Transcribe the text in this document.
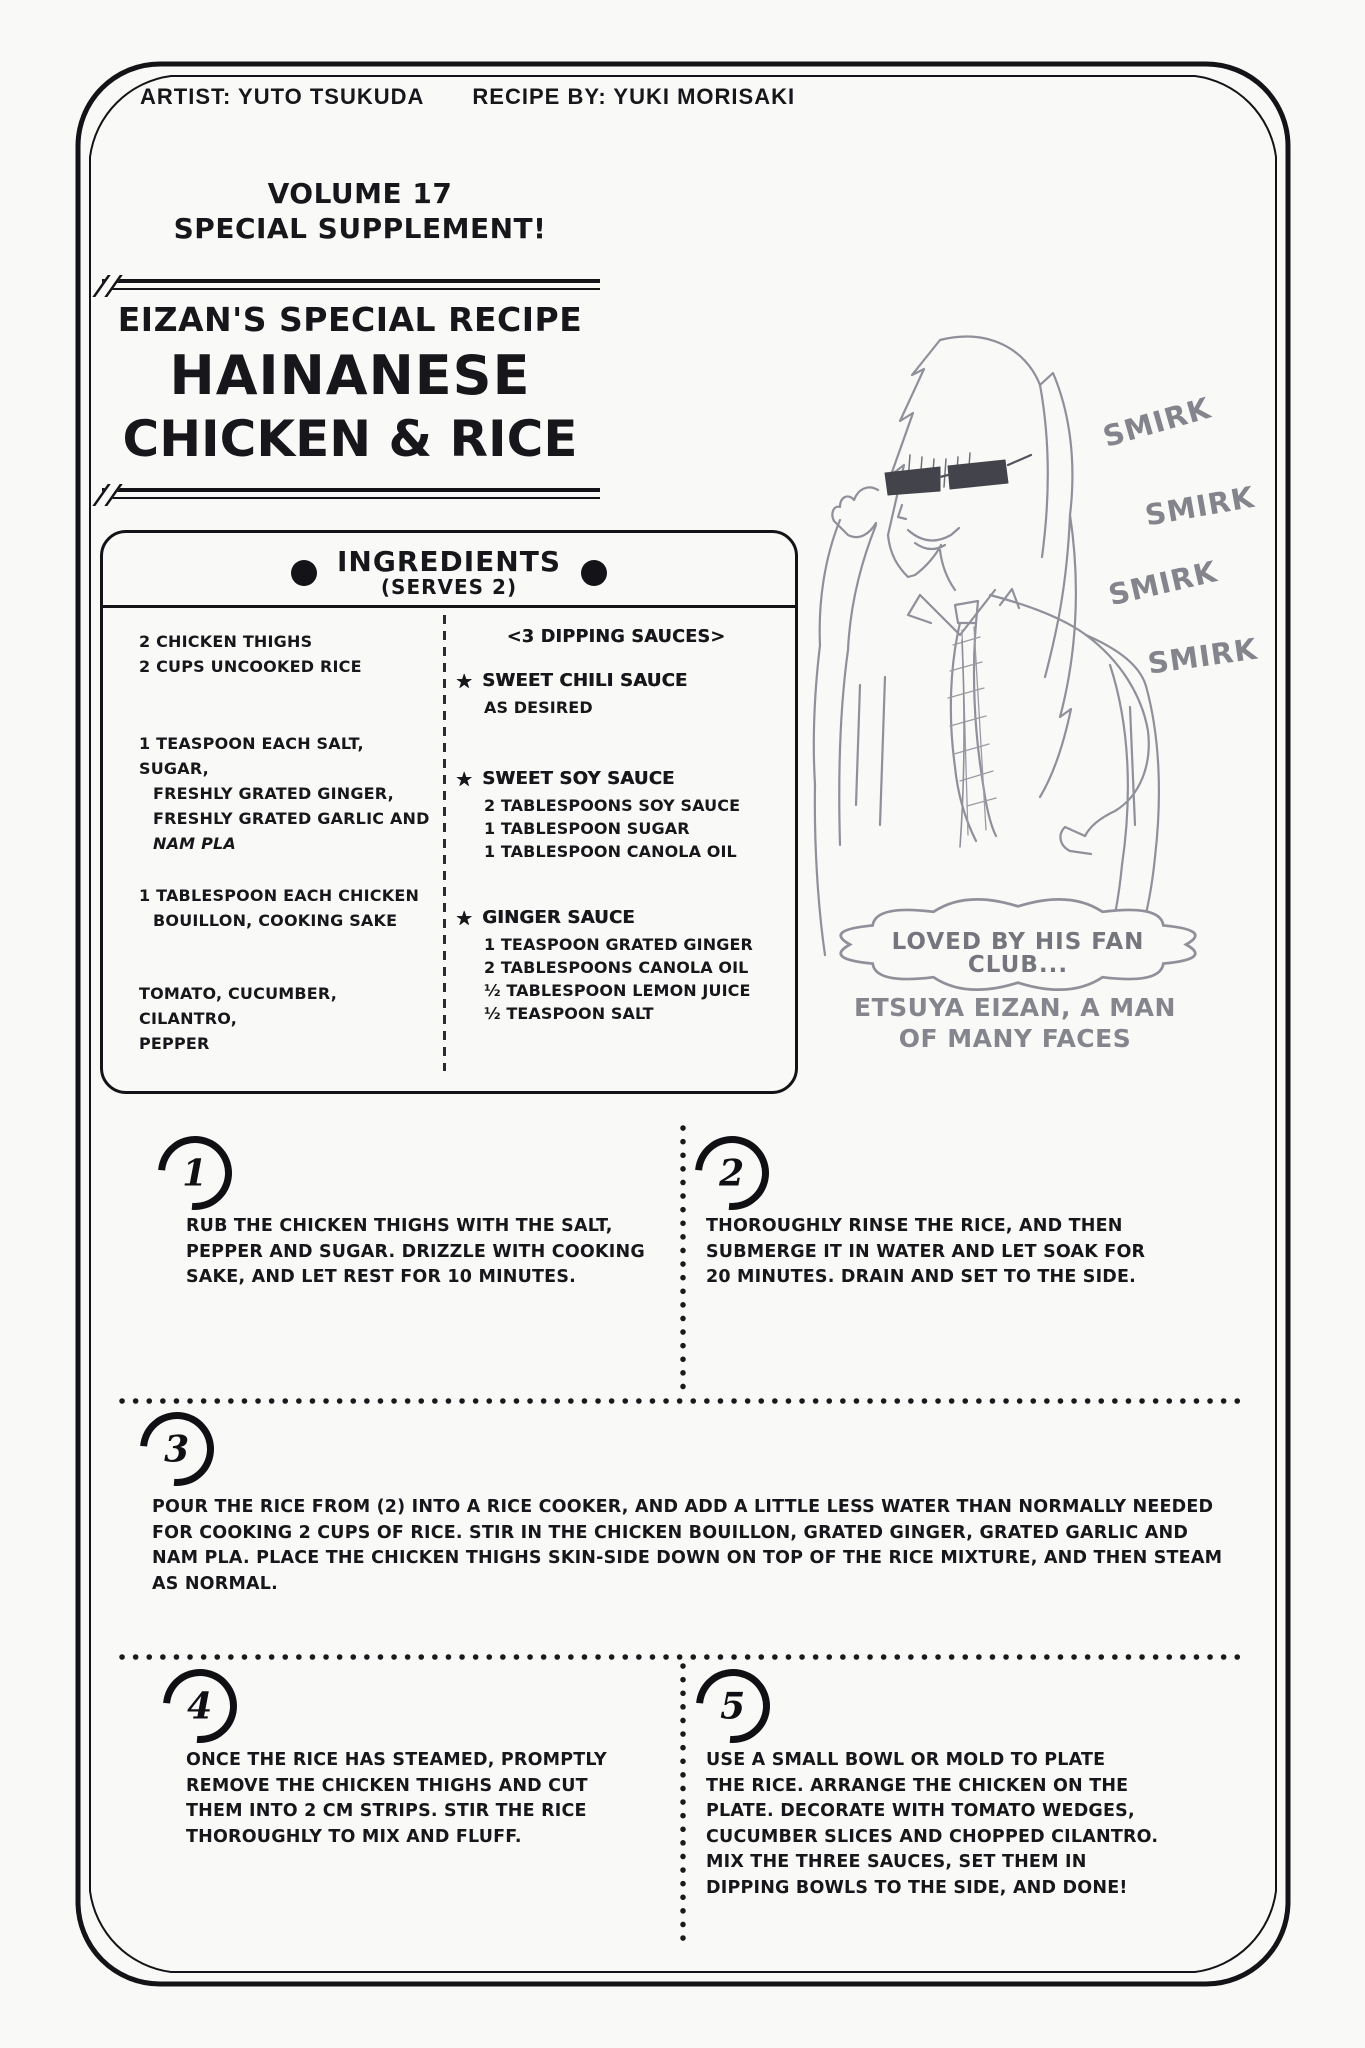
ARTIST: YUTO TSUKUDA RECIPE BY: YUKI MORISAKI
VOLUME 17
SPECIAL SUPPLEMENT!
EIZAN'S SPECIAL RECIPE
HAINANESE
CHICKEN & RICE
INGREDIENTS
(SERVES 2)
2 CHICKEN THIGHS
2 CUPS UNCOOKED RICE
1 TEASPOON EACH SALT, SUGAR,
FRESHLY GRATED GINGER,
FRESHLY GRATED GARLIC AND
NAM PLA
1 TABLESPOON EACH CHICKEN
BOUILLON, COOKING SAKE
TOMATO, CUCUMBER, CILANTRO,
PEPPER
<3 DIPPING SAUCES>
★ SWEET CHILI SAUCE
AS DESIRED
★ SWEET SOY SAUCE
2 TABLESPOONS SOY SAUCE
1 TABLESPOON SUGAR
1 TABLESPOON CANOLA OIL
★ GINGER SAUCE
1 TEASPOON GRATED GINGER
2 TABLESPOONS CANOLA OIL
½ TABLESPOON LEMON JUICE
½ TEASPOON SALT
SMIRK
SMIRK
SMIRK
SMIRK
LOVED BY HIS FAN CLUB...
ETSUYA EIZAN, A MAN
OF MANY FACES
1
RUB THE CHICKEN THIGHS WITH THE SALT,
PEPPER AND SUGAR. DRIZZLE WITH COOKING
SAKE, AND LET REST FOR 10 MINUTES.
2
THOROUGHLY RINSE THE RICE, AND THEN
SUBMERGE IT IN WATER AND LET SOAK FOR
20 MINUTES. DRAIN AND SET TO THE SIDE.
3
POUR THE RICE FROM (2) INTO A RICE COOKER, AND ADD A LITTLE LESS WATER THAN NORMALLY NEEDED
FOR COOKING 2 CUPS OF RICE. STIR IN THE CHICKEN BOUILLON, GRATED GINGER, GRATED GARLIC AND
NAM PLA. PLACE THE CHICKEN THIGHS SKIN-SIDE DOWN ON TOP OF THE RICE MIXTURE, AND THEN STEAM
AS NORMAL.
4
ONCE THE RICE HAS STEAMED, PROMPTLY
REMOVE THE CHICKEN THIGHS AND CUT
THEM INTO 2 CM STRIPS. STIR THE RICE
THOROUGHLY TO MIX AND FLUFF.
5
USE A SMALL BOWL OR MOLD TO PLATE
THE RICE. ARRANGE THE CHICKEN ON THE
PLATE. DECORATE WITH TOMATO WEDGES,
CUCUMBER SLICES AND CHOPPED CILANTRO.
MIX THE THREE SAUCES, SET THEM IN
DIPPING BOWLS TO THE SIDE, AND DONE!
